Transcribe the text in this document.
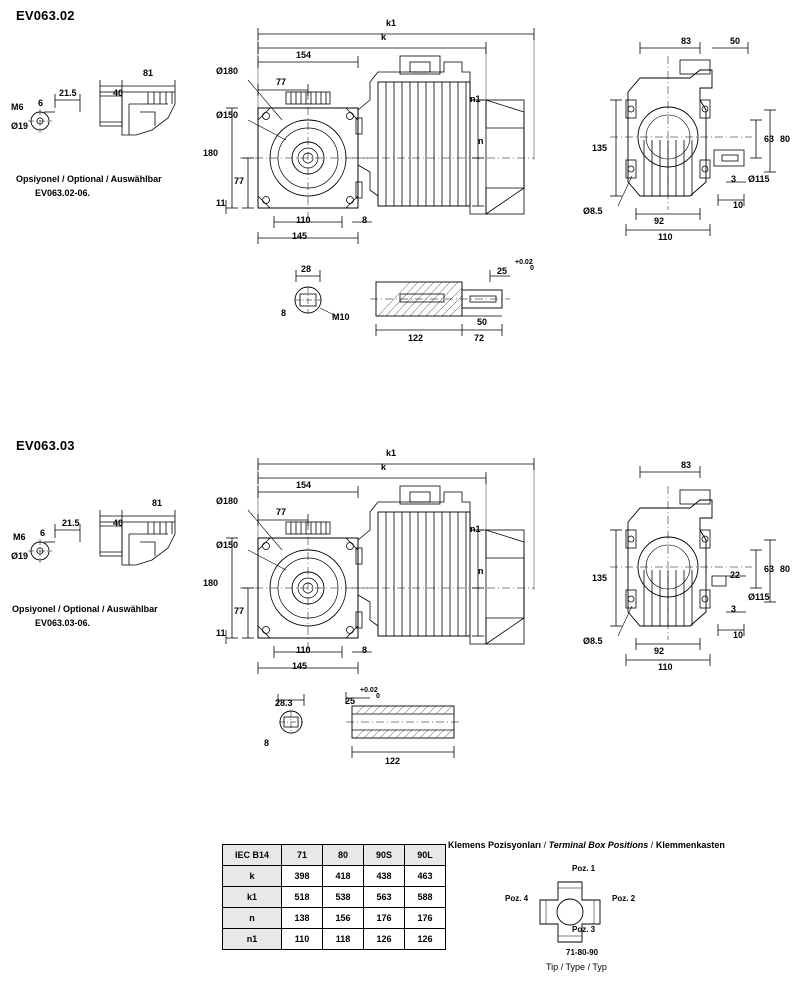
EV063.02	k1
k
154
77
Ø180
Ø150
180
77
11
110
145
8
n1
n
81
40
21.5
6
M6
Ø19
Opsiyonel / Optional / Auswählbar
EV063.02-06.
83	50
80
63
135
3 Ø115
Ø8.5
92
110
10
28
8	M10
122	72
50
25
+0.02
0
EV063.03	k1
k
154
77
Ø180
Ø150
180
77
11
110
145
8
n1
n
81
40
21.5
6
M6
Ø19
Opsiyonel / Optional / Auswählbar
EV063.03-06.
83
80
63
22
135
3
Ø115
Ø8.5
92
110
10
28.3
8
122
25
+0.02
0
IEC B14	71	80	90S	90L
k	398	418	438	463
k1	518	538	563	588
n	138	156	176	176
n1	110	118	126	126
Klemens Pozisyonları / Terminal Box Positions / Klemmenkasten
Poz. 1
Poz. 2
Poz. 3
Poz. 4
71-80-90
Tip / Type / Typ
